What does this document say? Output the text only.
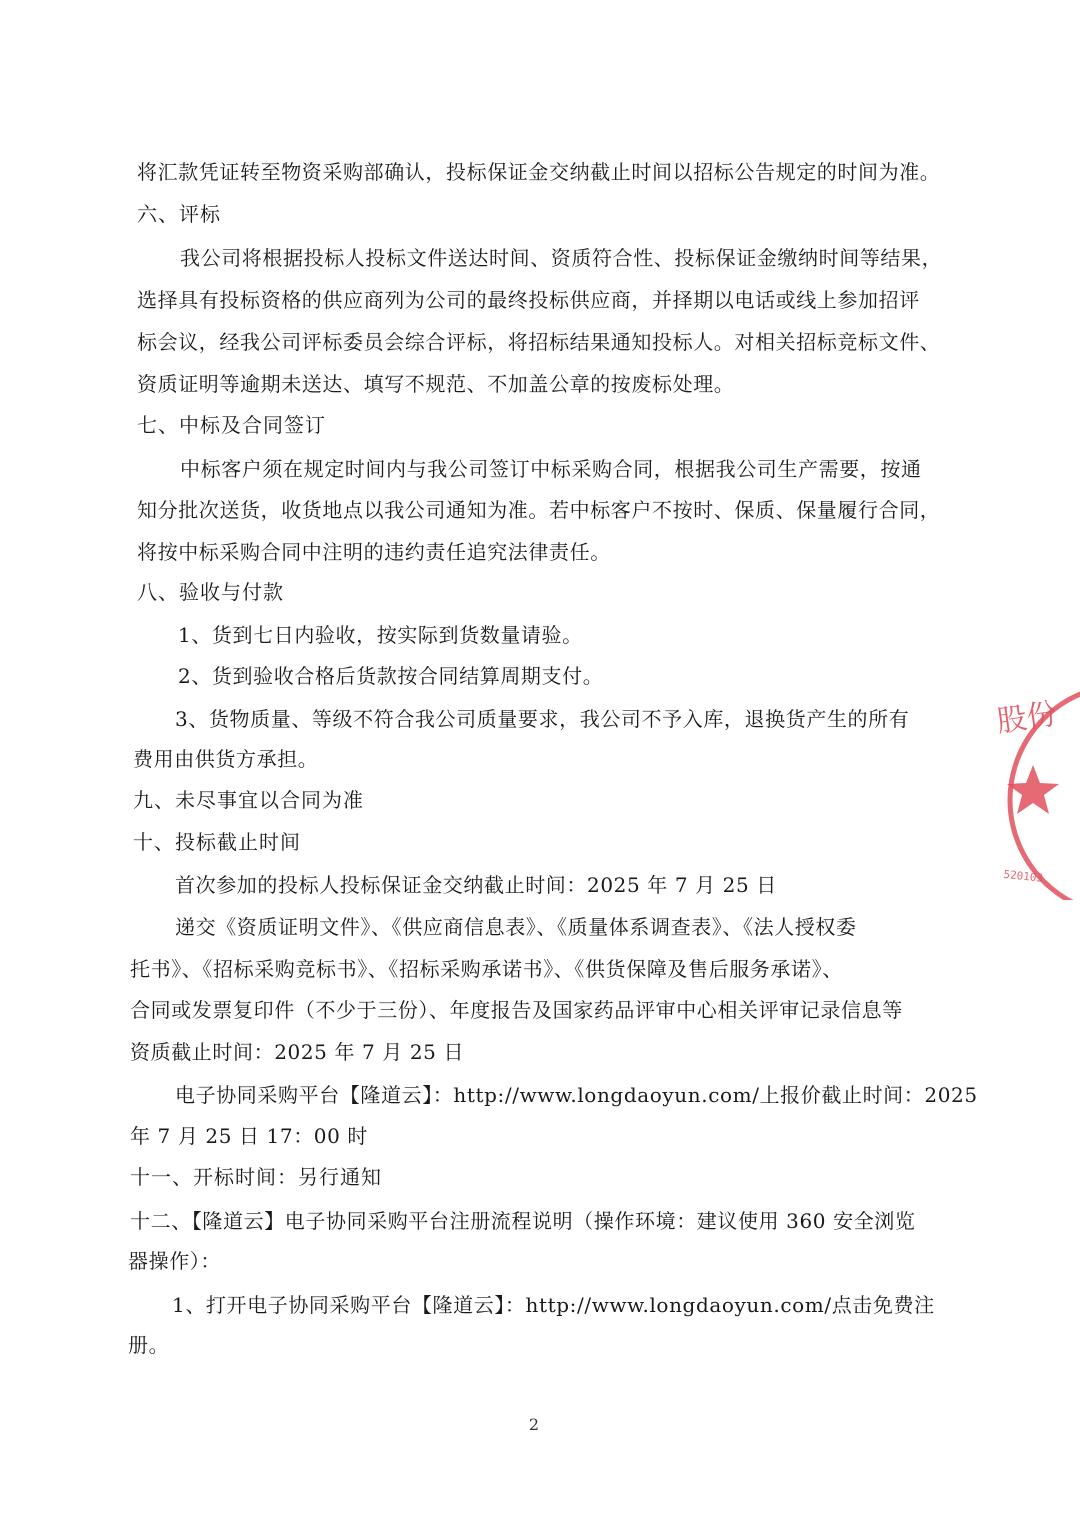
将汇款凭证转至物资采购部确认，投标保证金交纳截止时间以招标公告规定的时间为准。

六、评标

我公司将根据投标人投标文件送达时间、资质符合性、投标保证金缴纳时间等结果，

选择具有投标资格的供应商列为公司的最终投标供应商，并择期以电话或线上参加招评

标会议，经我公司评标委员会综合评标，将招标结果通知投标人。对相关招标竞标文件、

资质证明等逾期未送达、填写不规范、不加盖公章的按废标处理。

七、中标及合同签订

中标客户须在规定时间内与我公司签订中标采购合同，根据我公司生产需要，按通

知分批次送货，收货地点以我公司通知为准。若中标客户不按时、保质、保量履行合同，

将按中标采购合同中注明的违约责任追究法律责任。

八、验收与付款

1、货到七日内验收，按实际到货数量请验。

2、货到验收合格后货款按合同结算周期支付。

3、货物质量、等级不符合我公司质量要求，我公司不予入库，退换货产生的所有

费用由供货方承担。

九、未尽事宜以合同为准

十、投标截止时间

首次参加的投标人投标保证金交纳截止时间：2025 年 7 月 25 日

递交《资质证明文件》、《供应商信息表》、《质量体系调查表》、《法人授权委

托书》、《招标采购竞标书》、《招标采购承诺书》、《供货保障及售后服务承诺》、

合同或发票复印件（不少于三份）、年度报告及国家药品评审中心相关评审记录信息等

资质截止时间：2025 年 7 月 25 日

电子协同采购平台【隆道云】：http://www.longdaoyun.com/上报价截止时间：2025

年 7 月 25 日 17：00 时

十一、开标时间：另行通知

十二、【隆道云】电子协同采购平台注册流程说明（操作环境：建议使用 360 安全浏览

器操作）：

1、打开电子协同采购平台【隆道云】：http://www.longdaoyun.com/点击免费注

册。

2
股份
520103
